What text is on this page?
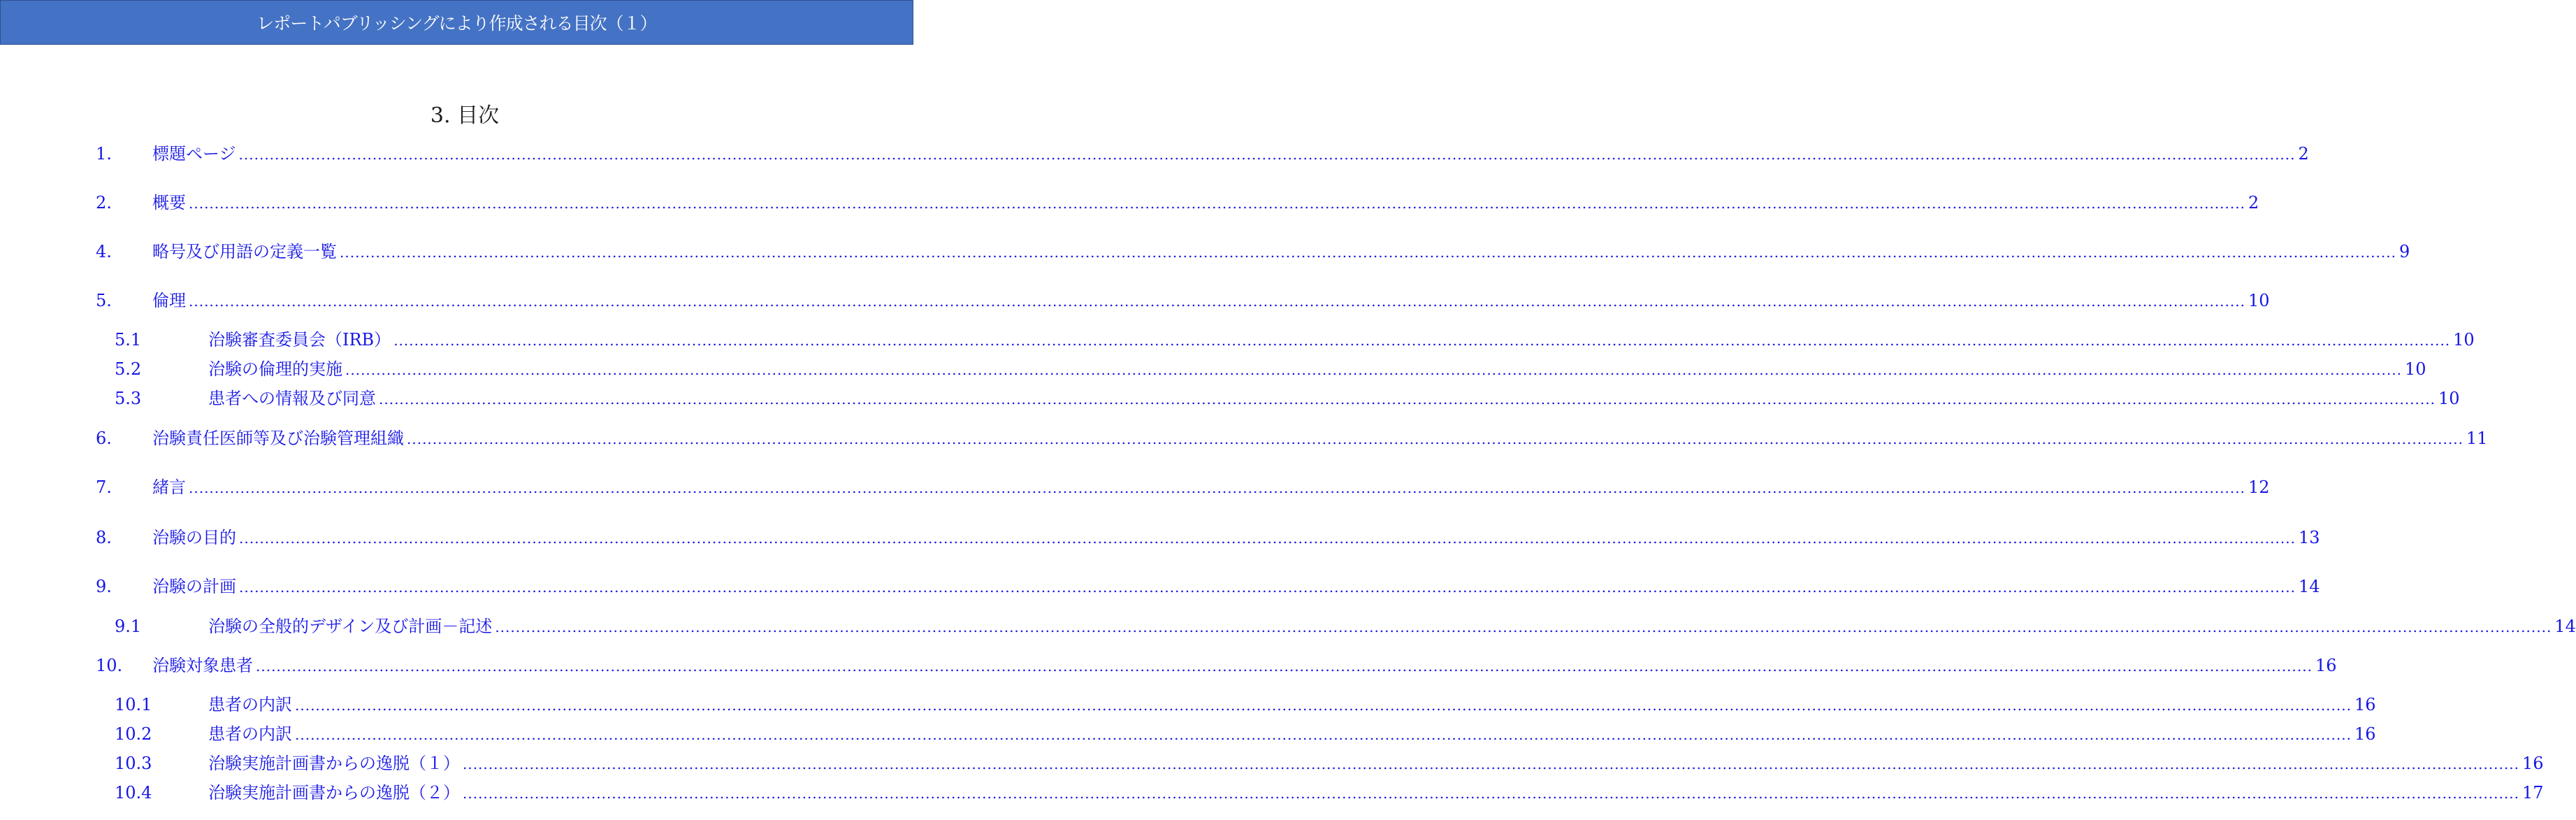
レポートパブリッシングにより作成される目次（１）
3. 目次
1. 標題ページ ................................................................................................................................................................................................................................................................................................................................................................................................................ 2
2. 概要 ................................................................................................................................................................................................................................................................................................................................................................................................................ 2
4. 略号及び用語の定義一覧 ................................................................................................................................................................................................................................................................................................................................................................................................................ 9
5. 倫理 ................................................................................................................................................................................................................................................................................................................................................................................................................ 10
5.1	治験審査委員会（IRB） ................................................................................................................................................................................................................................................................................................................................................................................................................ 10
5.2	治験の倫理的実施 ................................................................................................................................................................................................................................................................................................................................................................................................................ 10
5.3	患者への情報及び同意 ................................................................................................................................................................................................................................................................................................................................................................................................................ 10
6. 治験責任医師等及び治験管理組織 ................................................................................................................................................................................................................................................................................................................................................................................................................ 11
7. 緒言 ................................................................................................................................................................................................................................................................................................................................................................................................................ 12
8. 治験の目的 ................................................................................................................................................................................................................................................................................................................................................................................................................ 13
9. 治験の計画 ................................................................................................................................................................................................................................................................................................................................................................................................................ 14
9.1	治験の全般的デザイン及び計画－記述 ................................................................................................................................................................................................................................................................................................................................................................................................................ 14
10. 治験対象患者 ................................................................................................................................................................................................................................................................................................................................................................................................................ 16
10.1	患者の内訳 ................................................................................................................................................................................................................................................................................................................................................................................................................ 16
10.2	患者の内訳 ................................................................................................................................................................................................................................................................................................................................................................................................................ 16
10.3	治験実施計画書からの逸脱（１） ................................................................................................................................................................................................................................................................................................................................................................................................................ 16
10.4	治験実施計画書からの逸脱（２） ................................................................................................................................................................................................................................................................................................................................................................................................................ 17
